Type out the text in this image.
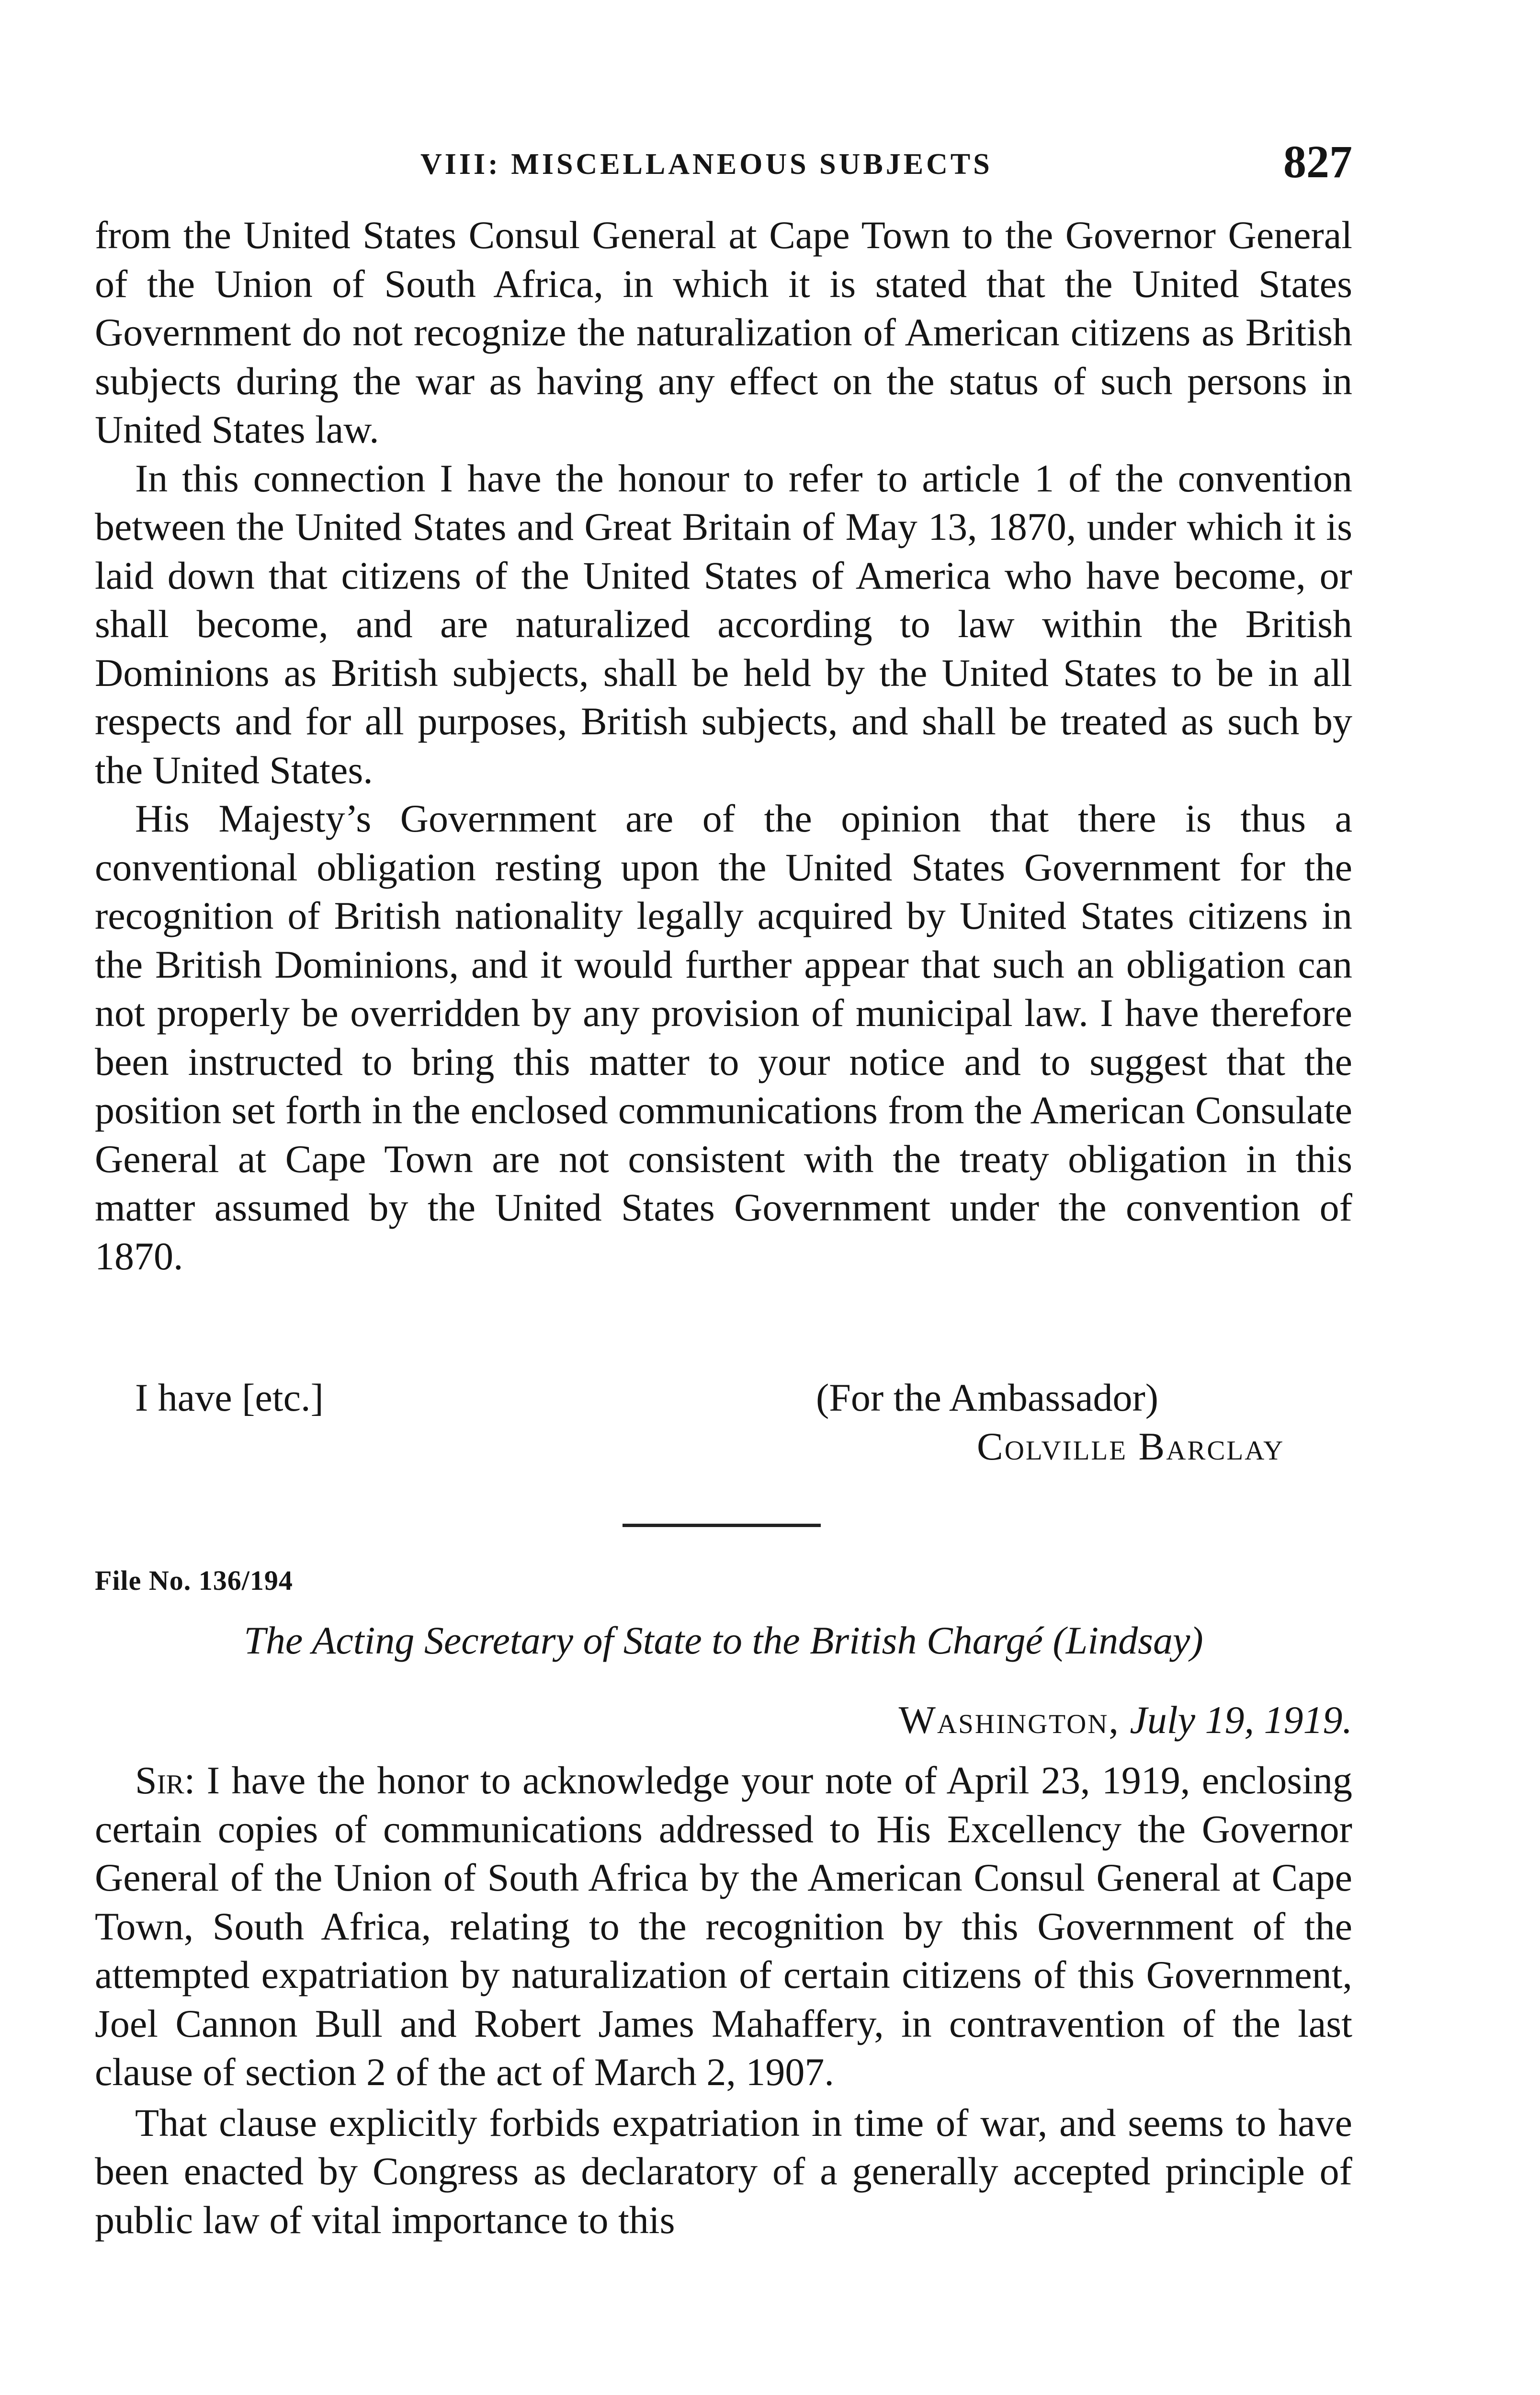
VIII: MISCELLANEOUS SUBJECTS	827

from the United States Consul General at Cape Town to the Governor General of the Union of South Africa, in which it is stated that the United States Government do not recognize the naturalization of American citizens as British subjects during the war as having any effect on the status of such persons in United States law.

In this connection I have the honour to refer to article 1 of the convention between the United States and Great Britain of May 13, 1870, under which it is laid down that citizens of the United States of America who have become, or shall become, and are naturalized according to law within the British Dominions as British subjects, shall be held by the United States to be in all respects and for all purposes, British subjects, and shall be treated as such by the United States.

His Majesty’s Government are of the opinion that there is thus a conventional obligation resting upon the United States Government for the recognition of British nationality legally acquired by United States citizens in the British Dominions, and it would further appear that such an obligation can not properly be overridden by any provision of municipal law. I have therefore been instructed to bring this matter to your notice and to suggest that the position set forth in the enclosed communications from the American Consulate General at Cape Town are not consistent with the treaty obligation in this matter assumed by the United States Government under the convention of 1870.

I have [etc.]	(For the Ambassador)
Colville Barclay
File No. 136/194
The Acting Secretary of State to the British Chargé (Lindsay)
Washington, July 19, 1919.

Sir: I have the honor to acknowledge your note of April 23, 1919, enclosing certain copies of communications addressed to His Excellency the Governor General of the Union of South Africa by the American Consul General at Cape Town, South Africa, relating to the recognition by this Government of the attempted expatriation by naturalization of certain citizens of this Government, Joel Cannon Bull and Robert James Mahaffery, in contravention of the last clause of section 2 of the act of March 2, 1907.

That clause explicitly forbids expatriation in time of war, and seems to have been enacted by Congress as declaratory of a generally accepted principle of public law of vital importance to this
